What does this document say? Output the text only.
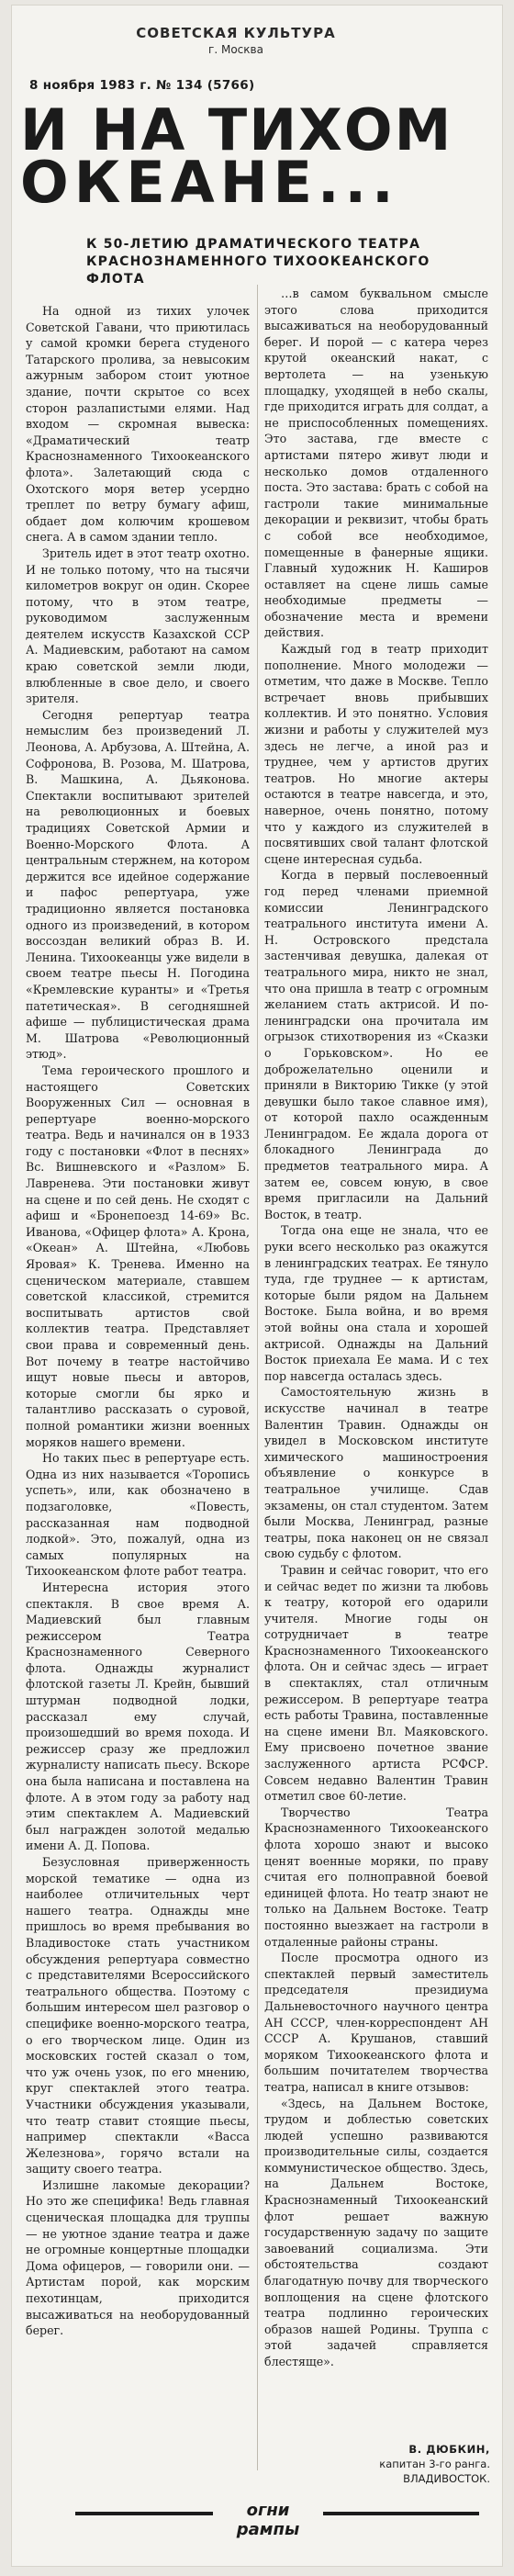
СОВЕТСКАЯ КУЛЬТУРА
г. Москва
8 ноября 1983 г. № 134 (5766)
И НА ТИХОМ
ОКЕАНЕ...
К 50-ЛЕТИЮ ДРАМАТИЧЕСКОГО ТЕАТРА КРАСНОЗНАМЕННОГО ТИХООКЕАНСКОГО ФЛОТА

На одной из тихих улочек Советской Гавани, что приютилась у самой кромки берега студеного Татарского пролива, за невысоким ажурным забором стоит уютное здание, почти скрытое со всех сторон разлапистыми елями. Над входом — скромная вывеска: «Драматический театр Краснознаменного Тихоокеанского флота». Залетающий сюда с Охотского моря ветер усердно треплет по ветру бумагу афиш, обдает дом колючим крошевом снега. А в самом здании тепло.

Зритель идет в этот театр охотно. И не только потому, что на тысячи километров вокруг он один. Скорее потому, что в этом театре, руководимом заслуженным деятелем искусств Казахской ССР А. Мадиевским, работают на самом краю советской земли люди, влюбленные в свое дело, и своего зрителя.

Сегодня репертуар театра немыслим без произведений Л. Леонова, А. Арбузова, А. Штейна, А. Софронова, В. Розова, М. Шатрова, В. Машкина, А. Дьяконова. Спектакли воспитывают зрителей на революционных и боевых традициях Советской Армии и Военно-Морского Флота. А центральным стержнем, на котором держится все идейное содержание и пафос репертуара, уже традиционно является постановка одного из произведений, в котором воссоздан великий образ В. И. Ленина. Тихоокеанцы уже видели в своем театре пьесы Н. Погодина «Кремлевские куранты» и «Третья патетическая». В сегодняшней афише — публицистическая драма М. Шатрова «Революционный этюд».

Тема героического прошлого и настоящего Советских Вооруженных Сил — основная в репертуаре военно-морского театра. Ведь и начинался он в 1933 году с постановки «Флот в песнях» Вс. Вишневского и «Разлом» Б. Лавренева. Эти постановки живут на сцене и по сей день. Не сходят с афиш и «Бронепоезд 14-69» Вс. Иванова, «Офицер флота» А. Крона, «Океан» А. Штейна, «Любовь Яровая» К. Тренева. Именно на сценическом материале, ставшем советской классикой, стремится воспитывать артистов свой коллектив театра. Представляет свои права и современный день. Вот почему в театре настойчиво ищут новые пьесы и авторов, которые смогли бы ярко и талантливо рассказать о суровой, полной романтики жизни военных моряков нашего времени.

Но таких пьес в репертуаре есть. Одна из них называется «Торопись успеть», или, как обозначено в подзаголовке, «Повесть, рассказанная нам подводной лодкой». Это, пожалуй, одна из самых популярных на Тихоокеанском флоте работ театра.

Интересна история этого спектакля. В свое время А. Мадиевский был главным режиссером Театра Краснознаменного Северного флота. Однажды журналист флотской газеты Л. Крейн, бывший штурман подводной лодки, рассказал ему случай, произошедший во время похода. И режиссер сразу же предложил журналисту написать пьесу. Вскоре она была написана и поставлена на флоте. А в этом году за работу над этим спектаклем А. Мадиевский был награжден золотой медалью имени А. Д. Попова.

Безусловная приверженность морской тематике — одна из наиболее отличительных черт нашего театра. Однажды мне пришлось во время пребывания во Владивостоке стать участником обсуждения репертуара совместно с представителями Всероссийского театрального общества. Поэтому с большим интересом шел разговор о специфике военно-морского театра, о его творческом лице. Один из московских гостей сказал о том, что уж очень узок, по его мнению, круг спектаклей этого театра. Участники обсуждения указывали, что театр ставит стоящие пьесы, например спектакли «Васса Железнова», горячо встали на защиту своего театра.

Излишне лакомые декорации? Но это же специфика! Ведь главная сценическая площадка для труппы — не уютное здание театра и даже не огромные концертные площадки Дома офицеров, — говорили они. — Артистам порой, как морским пехотинцам, приходится высаживаться на необорудованный берег.

…в самом буквальном смысле этого слова приходится высаживаться на необорудованный берег. И порой — с катера через крутой океанский накат, с вертолета — на узенькую площадку, уходящей в небо скалы, где приходится играть для солдат, а не приспособленных помещениях. Это застава, где вместе с артистами пятеро живут люди и несколько домов отдаленного поста. Это застава: брать с собой на гастроли такие минимальные декорации и реквизит, чтобы брать с собой все необходимое, помещенные в фанерные ящики. Главный художник Н. Каширов оставляет на сцене лишь самые необходимые предметы — обозначение места и времени действия.

Каждый год в театр приходит пополнение. Много молодежи — отметим, что даже в Москве. Тепло встречает вновь прибывших коллектив. И это понятно. Условия жизни и работы у служителей муз здесь не легче, а иной раз и труднее, чем у артистов других театров. Но многие актеры остаются в театре навсегда, и это, наверное, очень понятно, потому что у каждого из служителей в посвятивших свой талант флотской сцене интересная судьба.

Когда в первый послевоенный год перед членами приемной комиссии Ленинградского театрального института имени А. Н. Островского предстала застенчивая девушка, далекая от театрального мира, никто не знал, что она пришла в театр с огромным желанием стать актрисой. И по-ленинградски она прочитала им огрызок стихотворения из «Сказки о Горьковском». Нo ее доброжелательно оценили и приняли в Викторию Тикке (у этой девушки было такое славное имя), от которой пахло осажденным Ленинградом. Ее ждала дорога от блокадного Ленинграда до предметов театрального мира. А затем ее, совсем юную, в свое время пригласили на Дальний Восток, в театр.

Тогда она еще не знала, что ее руки всего несколько раз окажутся в ленинградских театрах. Ее тянуло туда, где труднее — к артистам, которые были рядом на Дальнем Востоке. Была война, и во время этой войны она стала и хорошей актрисой. Однажды на Дальний Восток приехала Ее мама. И с тех пор навсегда осталась здесь.

Самостоятельную жизнь в искусстве начинал в театре Валентин Травин. Однажды он увидел в Московском институте химического машиностроения объявление о конкурсе в театральное училище. Сдав экзамены, он стал студентом. Затем были Москва, Ленинград, разные театры, пока наконец он не связал свою судьбу с флотом.

Травин и сейчас говорит, что его и сейчас ведет по жизни та любовь к театру, которой его одарили учителя. Многие годы он сотрудничает в театре Краснознаменного Тихоокеанского флота. Он и сейчас здесь — играет в спектаклях, стал отличным режиссером. В репертуаре театра есть работы Травина, поставленные на сцене имени Вл. Маяковского. Ему присвоено почетное звание заслуженного артиста РСФСР. Совсем недавно Валентин Травин отметил свое 60-летие.

Творчество Театра Краснознаменного Тихоокеанского флота хорошо знают и высоко ценят военные моряки, по праву считая его полноправной боевой единицей флота. Но театр знают не только на Дальнем Востоке. Театр постоянно выезжает на гастроли в отдаленные районы страны.

После просмотра одного из спектаклей первый заместитель председателя президиума Дальневосточного научного центра АН СССР, член-корреспондент АН СССР А. Крушанов, ставший моряком Тихоокеанского флота и большим почитателем творчества театра, написал в книге отзывов:

«Здесь, на Дальнем Востоке, трудом и доблестью советских людей успешно развиваются производительные силы, создается коммунистическое общество. Здесь, на Дальнем Востоке, Краснознаменный Тихоокеанский флот решает важную государственную задачу по защите завоеваний социализма. Эти обстоятельства создают благодатную почву для творческого воплощения на сцене флотского театра подлинно героических образов нашей Родины. Труппа с этой задачей справляется блестяще».

В. ДЮБКИН,
капитан 3-го ранга.
ВЛАДИВОСТОК.
огни рампы
